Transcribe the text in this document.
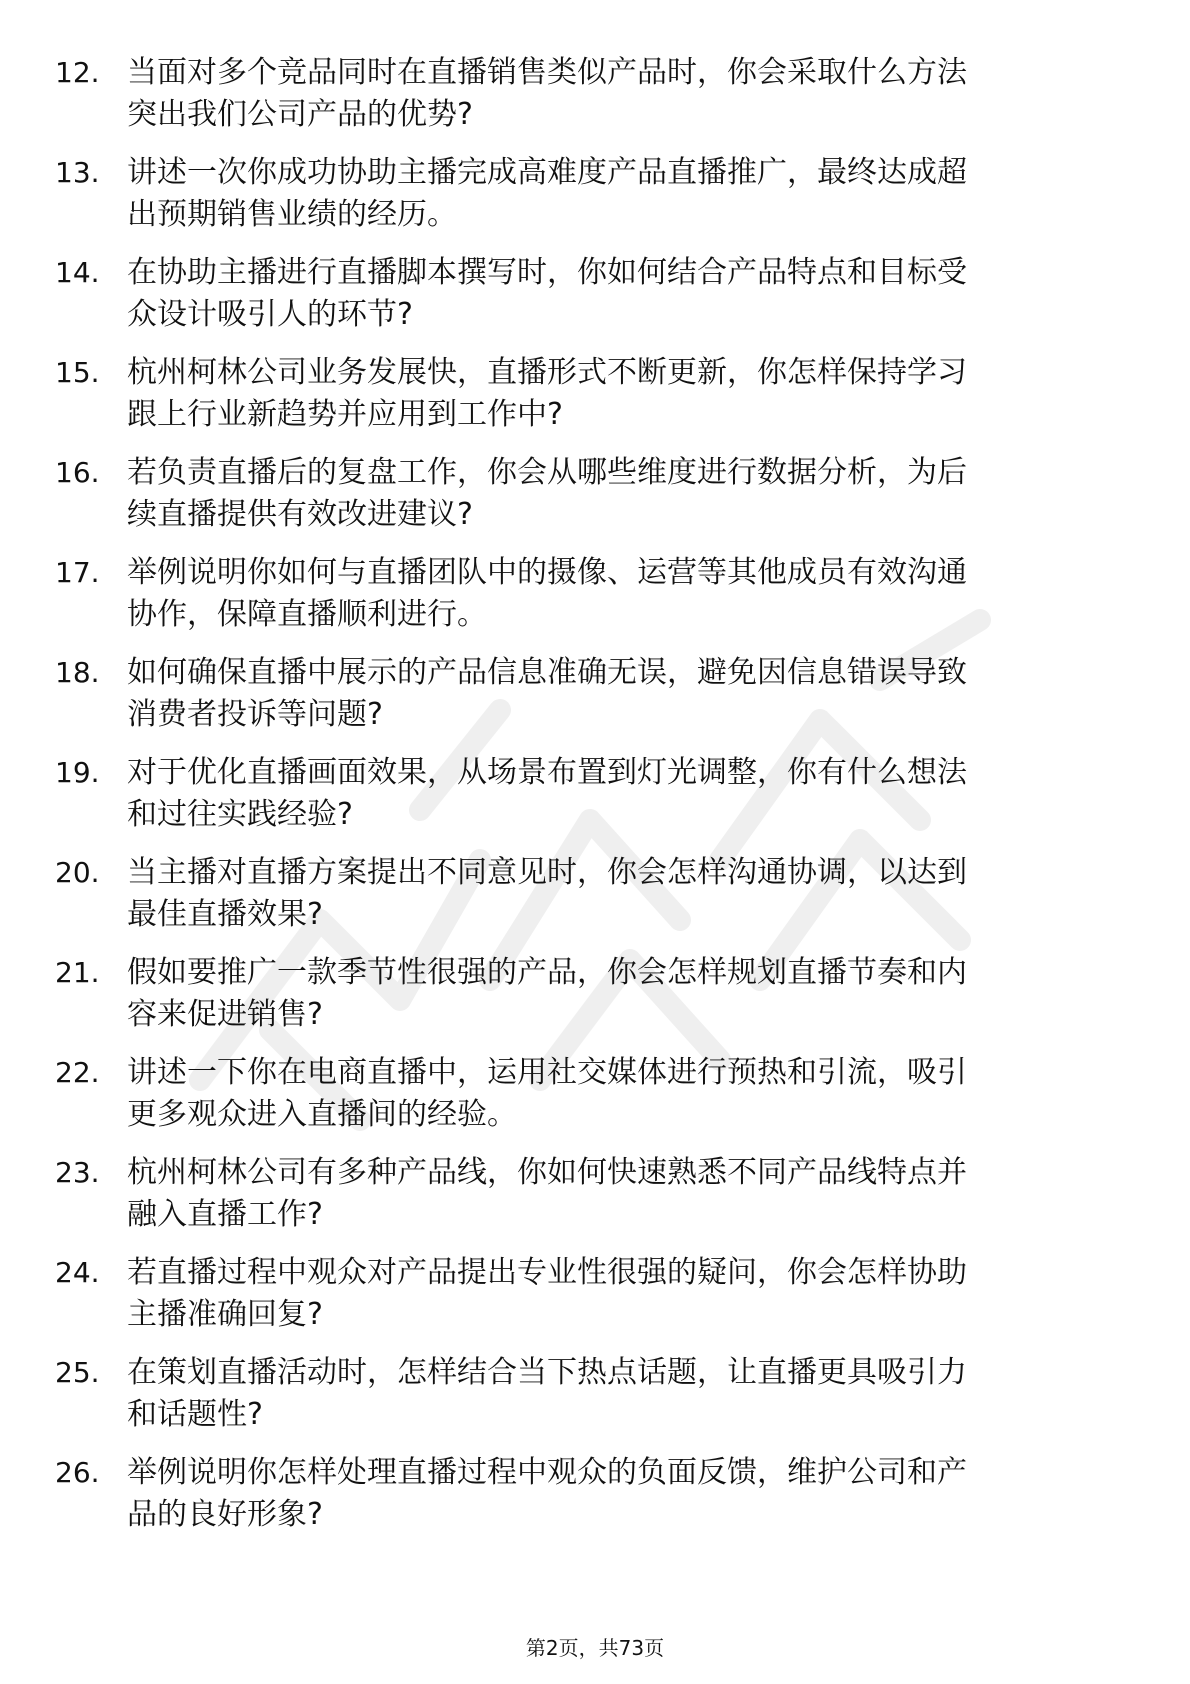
12. 当面对多个竞品同时在直播销售类似产品时，你会采取什么方法
突出我们公司产品的优势?
13. 讲述一次你成功协助主播完成高难度产品直播推广，最终达成超
出预期销售业绩的经历。
14. 在协助主播进行直播脚本撰写时，你如何结合产品特点和目标受
众设计吸引人的环节?
15. 杭州柯林公司业务发展快，直播形式不断更新，你怎样保持学习
跟上行业新趋势并应用到工作中?
16. 若负责直播后的复盘工作，你会从哪些维度进行数据分析，为后
续直播提供有效改进建议?
17. 举例说明你如何与直播团队中的摄像、运营等其他成员有效沟通
协作，保障直播顺利进行。
18. 如何确保直播中展示的产品信息准确无误，避免因信息错误导致
消费者投诉等问题?
19. 对于优化直播画面效果，从场景布置到灯光调整，你有什么想法
和过往实践经验?
20. 当主播对直播方案提出不同意见时，你会怎样沟通协调，以达到
最佳直播效果?
21. 假如要推广一款季节性很强的产品，你会怎样规划直播节奏和内
容来促进销售?
22. 讲述一下你在电商直播中，运用社交媒体进行预热和引流，吸引
更多观众进入直播间的经验。
23. 杭州柯林公司有多种产品线，你如何快速熟悉不同产品线特点并
融入直播工作?
24. 若直播过程中观众对产品提出专业性很强的疑问，你会怎样协助
主播准确回复?
25. 在策划直播活动时，怎样结合当下热点话题，让直播更具吸引力
和话题性?
26. 举例说明你怎样处理直播过程中观众的负面反馈，维护公司和产
品的良好形象?
第2页，共73页
